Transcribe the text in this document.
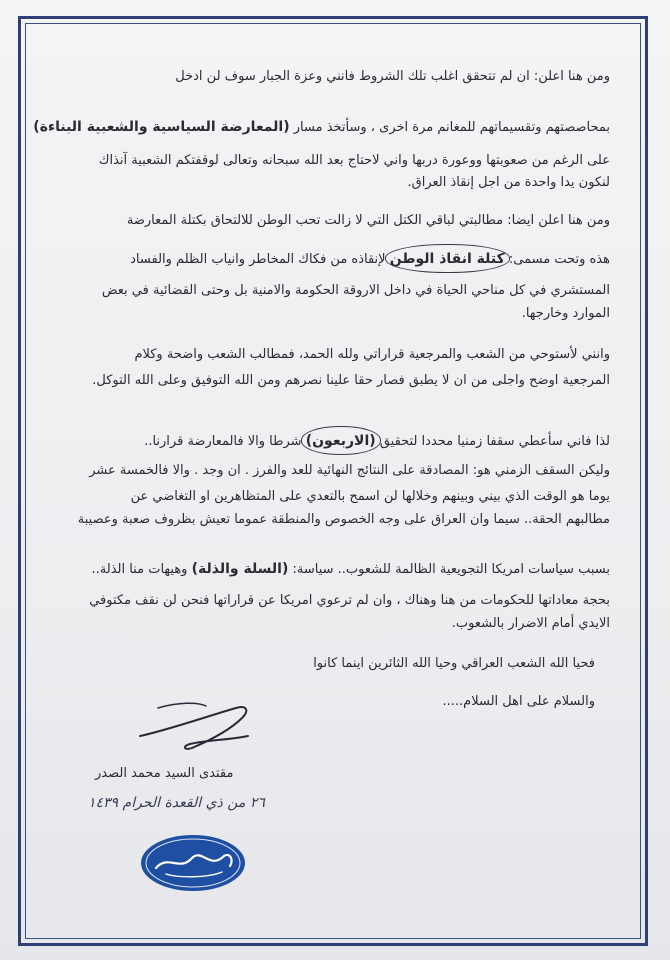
ومن هنا اعلن: ان لم تتحقق اغلب تلك الشروط فانني وعزة الجبار سوف لن ادخل
بمحاصصتهم وتقسيماتهم للمغانم مرة اخرى ، وسأتخذ مسار (المعارضة السياسية والشعبية البناءة)
على الرغم من صعوبتها ووعورة دربها واني لاحتاج بعد الله سبحانه وتعالى لوقفتكم الشعبية آنذاك
لنكون يدا واحدة من اجل إنقاذ العراق.
ومن هنا اعلن ايضا: مطالبتي لباقي الكتل التي لا زالت تحب الوطن للالتحاق بكتلة المعارضة
هذه وتحت مسمى:
كتلة انقاذ الوطن لإنقاذه من فكاك المخاطر وانياب الظلم والفساد
المستشري في كل مناحي الحياة في داخل الاروقة الحكومة والامنية بل وحتى القضائية في بعض
الموارد وخارجها.
وانني لأستوحي من الشعب والمرجعية قراراتي ولله الحمد، فمطالب الشعب واضحة وكلام
المرجعية اوضح واجلى من ان لا يطبق فصار حقا علينا نصرهم ومن الله التوفيق وعلى الله التوكل.
لذا فاني سأعطي سقفا زمنيا محددا لتحقيق
(الاربعون) شرطا والا فالمعارضة قرارنا..
وليكن السقف الزمني هو: المصادقة على النتائج النهائية للعد والفرز . ان وجد . والا فالخمسة عشر
يوما هو الوقت الذي بيني وبينهم وخلالها لن اسمح بالتعدي على المتظاهرين او التغاضي عن
مطالبهم الحقة.. سيما وان العراق على وجه الخصوص والمنطقة عموما تعيش بظروف صعبة وعصيبة
بسبب سياسات امريكا التجويعية الظالمة للشعوب.. سياسة: (السلة والذلة) وهيهات منا الذلة..
بحجة معاداتها للحكومات من هنا وهناك ، وان لم ترعوي امريكا عن قراراتها فنحن لن نقف مكتوفي
الايدي أمام الاضرار بالشعوب.
فحيا الله الشعب العراقي وحيا الله الثائرين اينما كانوا
والسلام على اهل السلام.....
مقتدى السيد محمد الصدر
٢٦ من ذي القعدة الحرام ١٤٣٩
